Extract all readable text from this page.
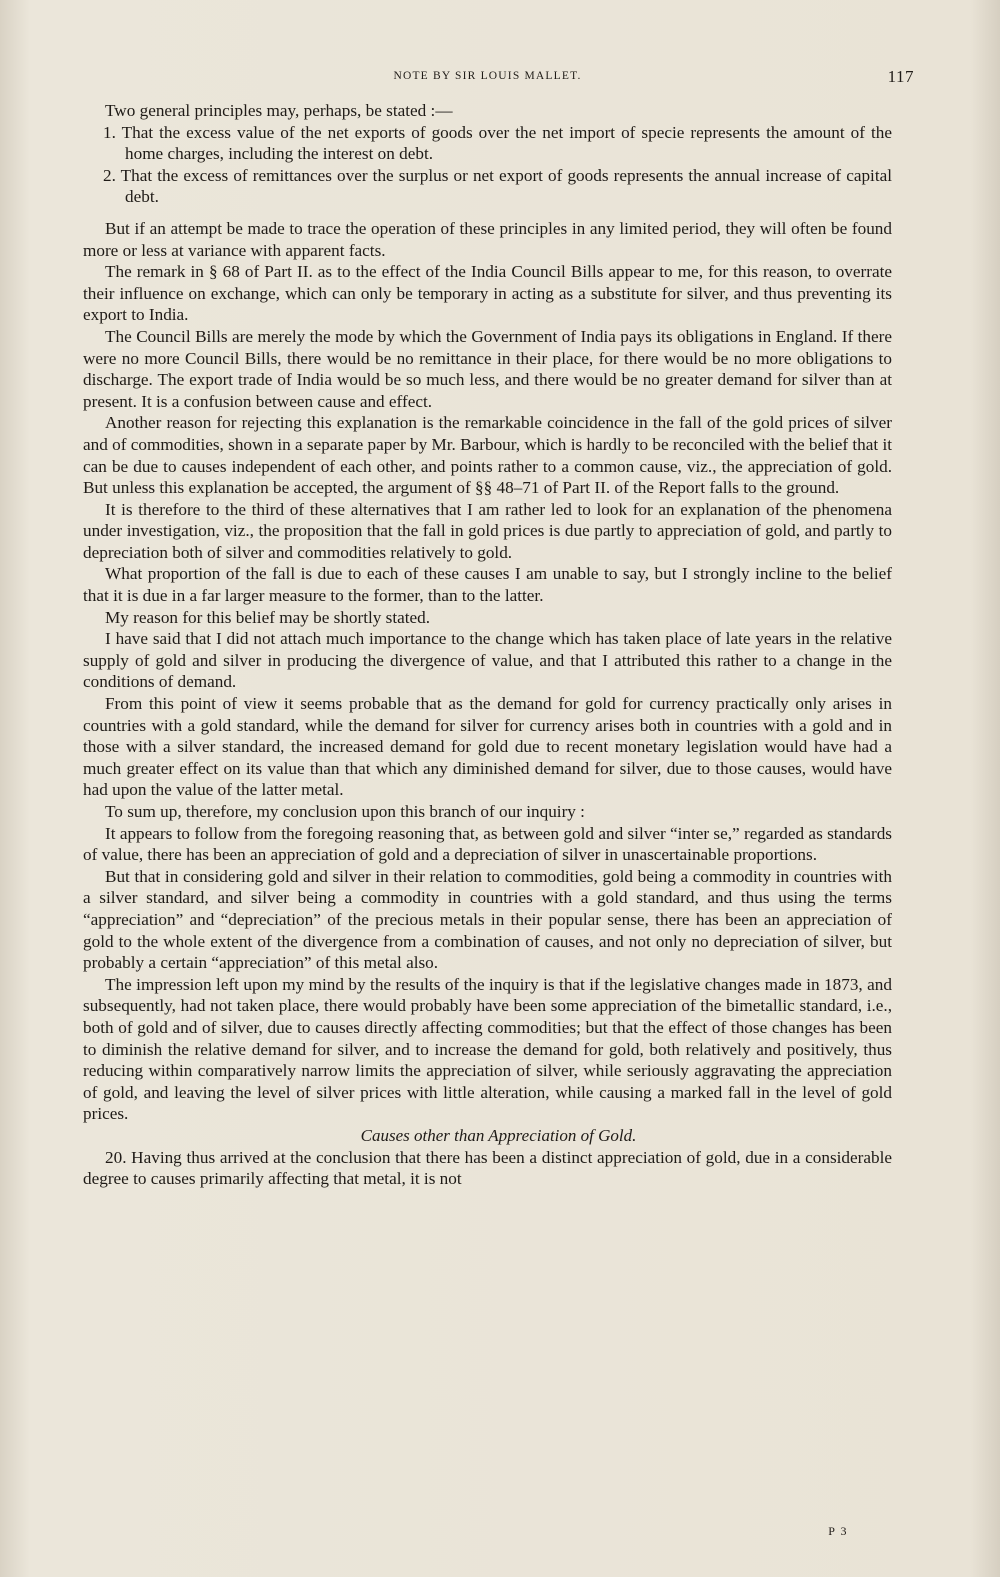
NOTE BY SIR LOUIS MALLET.	117

Two general principles may, perhaps, be stated :—

1. That the excess value of the net exports of goods over the net import of specie represents the amount of the home charges, including the interest on debt.

2. That the excess of remittances over the surplus or net export of goods represents the annual increase of capital debt.

But if an attempt be made to trace the operation of these principles in any limited period, they will often be found more or less at variance with apparent facts.

The remark in § 68 of Part II. as to the effect of the India Council Bills appear to me, for this reason, to overrate their influence on exchange, which can only be temporary in acting as a substitute for silver, and thus preventing its export to India.

The Council Bills are merely the mode by which the Government of India pays its obligations in England. If there were no more Council Bills, there would be no remittance in their place, for there would be no more obligations to discharge. The export trade of India would be so much less, and there would be no greater demand for silver than at present. It is a confusion between cause and effect.

Another reason for rejecting this explanation is the remarkable coincidence in the fall of the gold prices of silver and of commodities, shown in a separate paper by Mr. Barbour, which is hardly to be reconciled with the belief that it can be due to causes independent of each other, and points rather to a common cause, viz., the appreciation of gold. But unless this explanation be accepted, the argument of §§ 48–71 of Part II. of the Report falls to the ground.

It is therefore to the third of these alternatives that I am rather led to look for an explanation of the phenomena under investigation, viz., the proposition that the fall in gold prices is due partly to appreciation of gold, and partly to depreciation both of silver and commodities relatively to gold.

What proportion of the fall is due to each of these causes I am unable to say, but I strongly incline to the belief that it is due in a far larger measure to the former, than to the latter.

My reason for this belief may be shortly stated.

I have said that I did not attach much importance to the change which has taken place of late years in the relative supply of gold and silver in producing the divergence of value, and that I attributed this rather to a change in the conditions of demand.

From this point of view it seems probable that as the demand for gold for currency practically only arises in countries with a gold standard, while the demand for silver for currency arises both in countries with a gold and in those with a silver standard, the increased demand for gold due to recent monetary legislation would have had a much greater effect on its value than that which any diminished demand for silver, due to those causes, would have had upon the value of the latter metal.

To sum up, therefore, my conclusion upon this branch of our inquiry :

It appears to follow from the foregoing reasoning that, as between gold and silver “inter se,” regarded as standards of value, there has been an appreciation of gold and a depreciation of silver in unascertainable proportions.

But that in considering gold and silver in their relation to commodities, gold being a commodity in countries with a silver standard, and silver being a commodity in countries with a gold standard, and thus using the terms “appreciation” and “depreciation” of the precious metals in their popular sense, there has been an appreciation of gold to the whole extent of the divergence from a combination of causes, and not only no depreciation of silver, but probably a certain “appreciation” of this metal also.

The impression left upon my mind by the results of the inquiry is that if the legislative changes made in 1873, and subsequently, had not taken place, there would probably have been some appreciation of the bimetallic standard, i.e., both of gold and of silver, due to causes directly affecting commodities; but that the effect of those changes has been to diminish the relative demand for silver, and to increase the demand for gold, both relatively and positively, thus reducing within comparatively narrow limits the appreciation of silver, while seriously aggravating the appreciation of gold, and leaving the level of silver prices with little alteration, while causing a marked fall in the level of gold prices.

Causes other than Appreciation of Gold.

20. Having thus arrived at the conclusion that there has been a distinct appreciation of gold, due in a considerable degree to causes primarily affecting that metal, it is not

P 3
